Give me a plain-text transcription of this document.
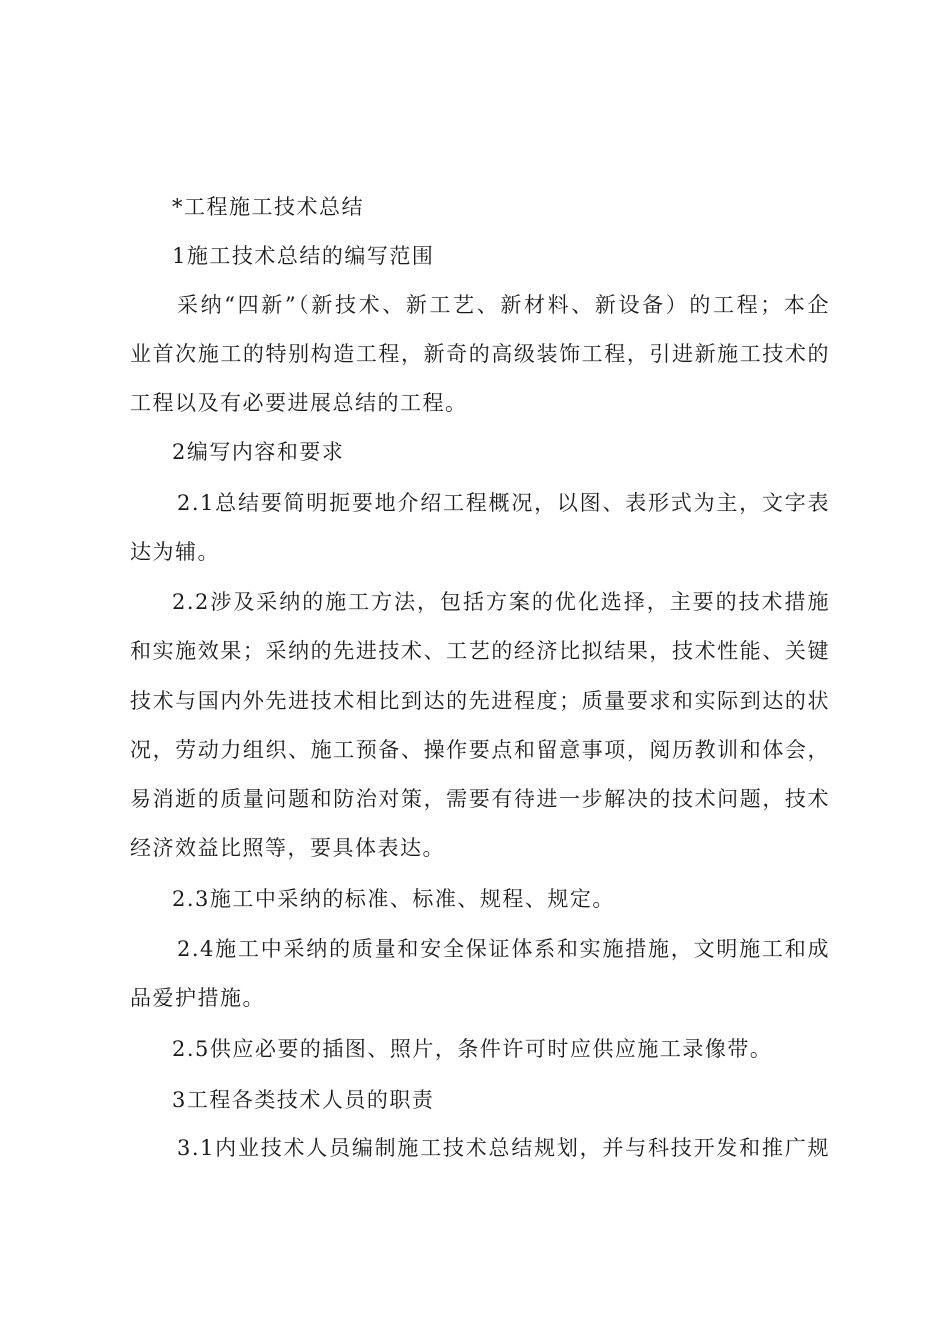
*工程施工技术总结
1施工技术总结的编写范围
采纳“四新”（新技术、新工艺、新材料、新设备）的工程；本企
业首次施工的特别构造工程，新奇的高级装饰工程，引进新施工技术的
工程以及有必要进展总结的工程。
2编写内容和要求
2.1总结要简明扼要地介绍工程概况，以图、表形式为主，文字表
达为辅。
2.2涉及采纳的施工方法，包括方案的优化选择，主要的技术措施
和实施效果；采纳的先进技术、工艺的经济比拟结果，技术性能、关键
技术与国内外先进技术相比到达的先进程度；质量要求和实际到达的状
况，劳动力组织、施工预备、操作要点和留意事项，阅历教训和体会，
易消逝的质量问题和防治对策，需要有待进一步解决的技术问题，技术
经济效益比照等，要具体表达。
2.3施工中采纳的标准、标准、规程、规定。
2.4施工中采纳的质量和安全保证体系和实施措施，文明施工和成
品爱护措施。
2.5供应必要的插图、照片，条件许可时应供应施工录像带。
3工程各类技术人员的职责
3.1内业技术人员编制施工技术总结规划，并与科技开发和推广规
